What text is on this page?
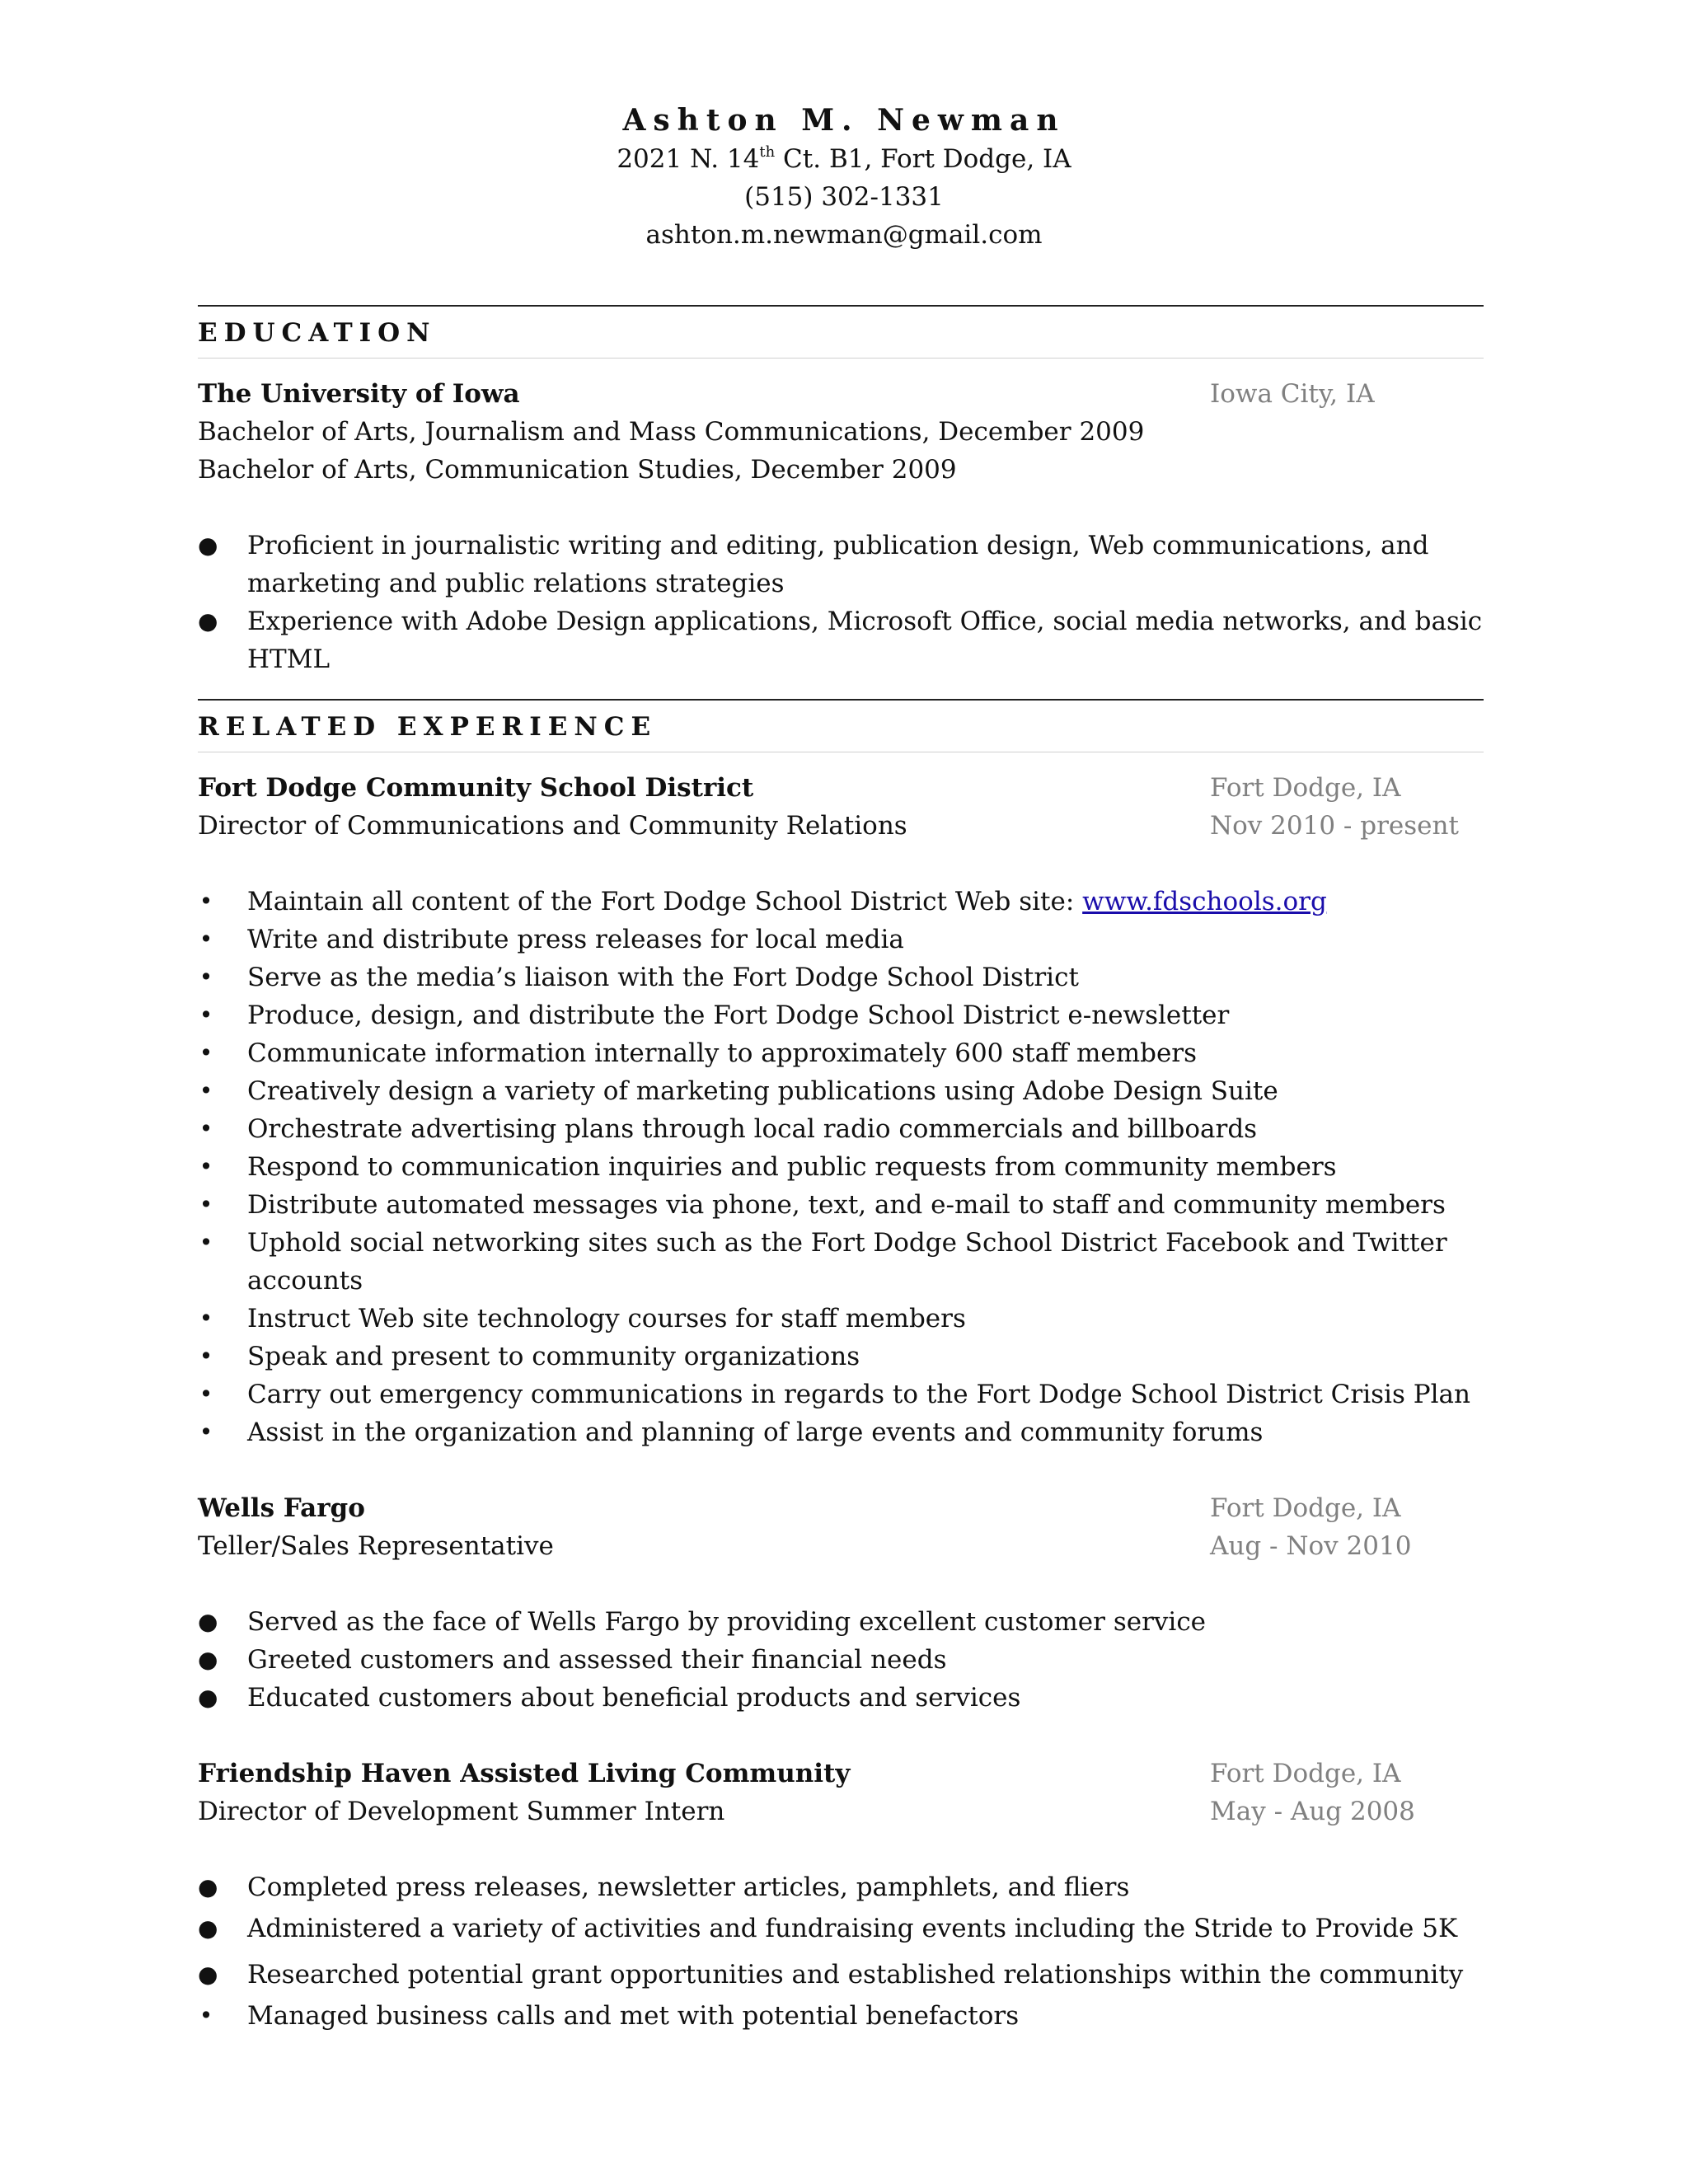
Ashton M. Newman
2021 N. 14th Ct. B1, Fort Dodge, IA
(515) 302-1331
ashton.m.newman@gmail.com
EDUCATION
The University of Iowa	Iowa City, IA
Bachelor of Arts, Journalism and Mass Communications, December 2009
Bachelor of Arts, Communication Studies, December 2009
● Proficient in journalistic writing and editing, publication design, Web communications, and
marketing and public relations strategies
● Experience with Adobe Design applications, Microsoft Office, social media networks, and basic HTML
RELATED EXPERIENCE
Fort Dodge Community School District	Fort Dodge, IA
Director of Communications and Community Relations	Nov 2010 - present
• Maintain all content of the Fort Dodge School District Web site: www.fdschools.org
• Write and distribute press releases for local media
• Serve as the media’s liaison with the Fort Dodge School District
• Produce, design, and distribute the Fort Dodge School District e-newsletter
• Communicate information internally to approximately 600 staff members
• Creatively design a variety of marketing publications using Adobe Design Suite
• Orchestrate advertising plans through local radio commercials and billboards
• Respond to communication inquiries and public requests from community members
• Distribute automated messages via phone, text, and e-mail to staff and community members
• Uphold social networking sites such as the Fort Dodge School District Facebook and Twitter accounts
• Instruct Web site technology courses for staff members
• Speak and present to community organizations
• Carry out emergency communications in regards to the Fort Dodge School District Crisis Plan
• Assist in the organization and planning of large events and community forums
Wells Fargo	Fort Dodge, IA
Teller/Sales Representative	Aug - Nov 2010
● Served as the face of Wells Fargo by providing excellent customer service
● Greeted customers and assessed their financial needs
● Educated customers about beneficial products and services
Friendship Haven Assisted Living Community	Fort Dodge, IA
Director of Development Summer Intern	May - Aug 2008
● Completed press releases, newsletter articles, pamphlets, and fliers
● Administered a variety of activities and fundraising events including the Stride to Provide 5K
● Researched potential grant opportunities and established relationships within the community
• Managed business calls and met with potential benefactors
